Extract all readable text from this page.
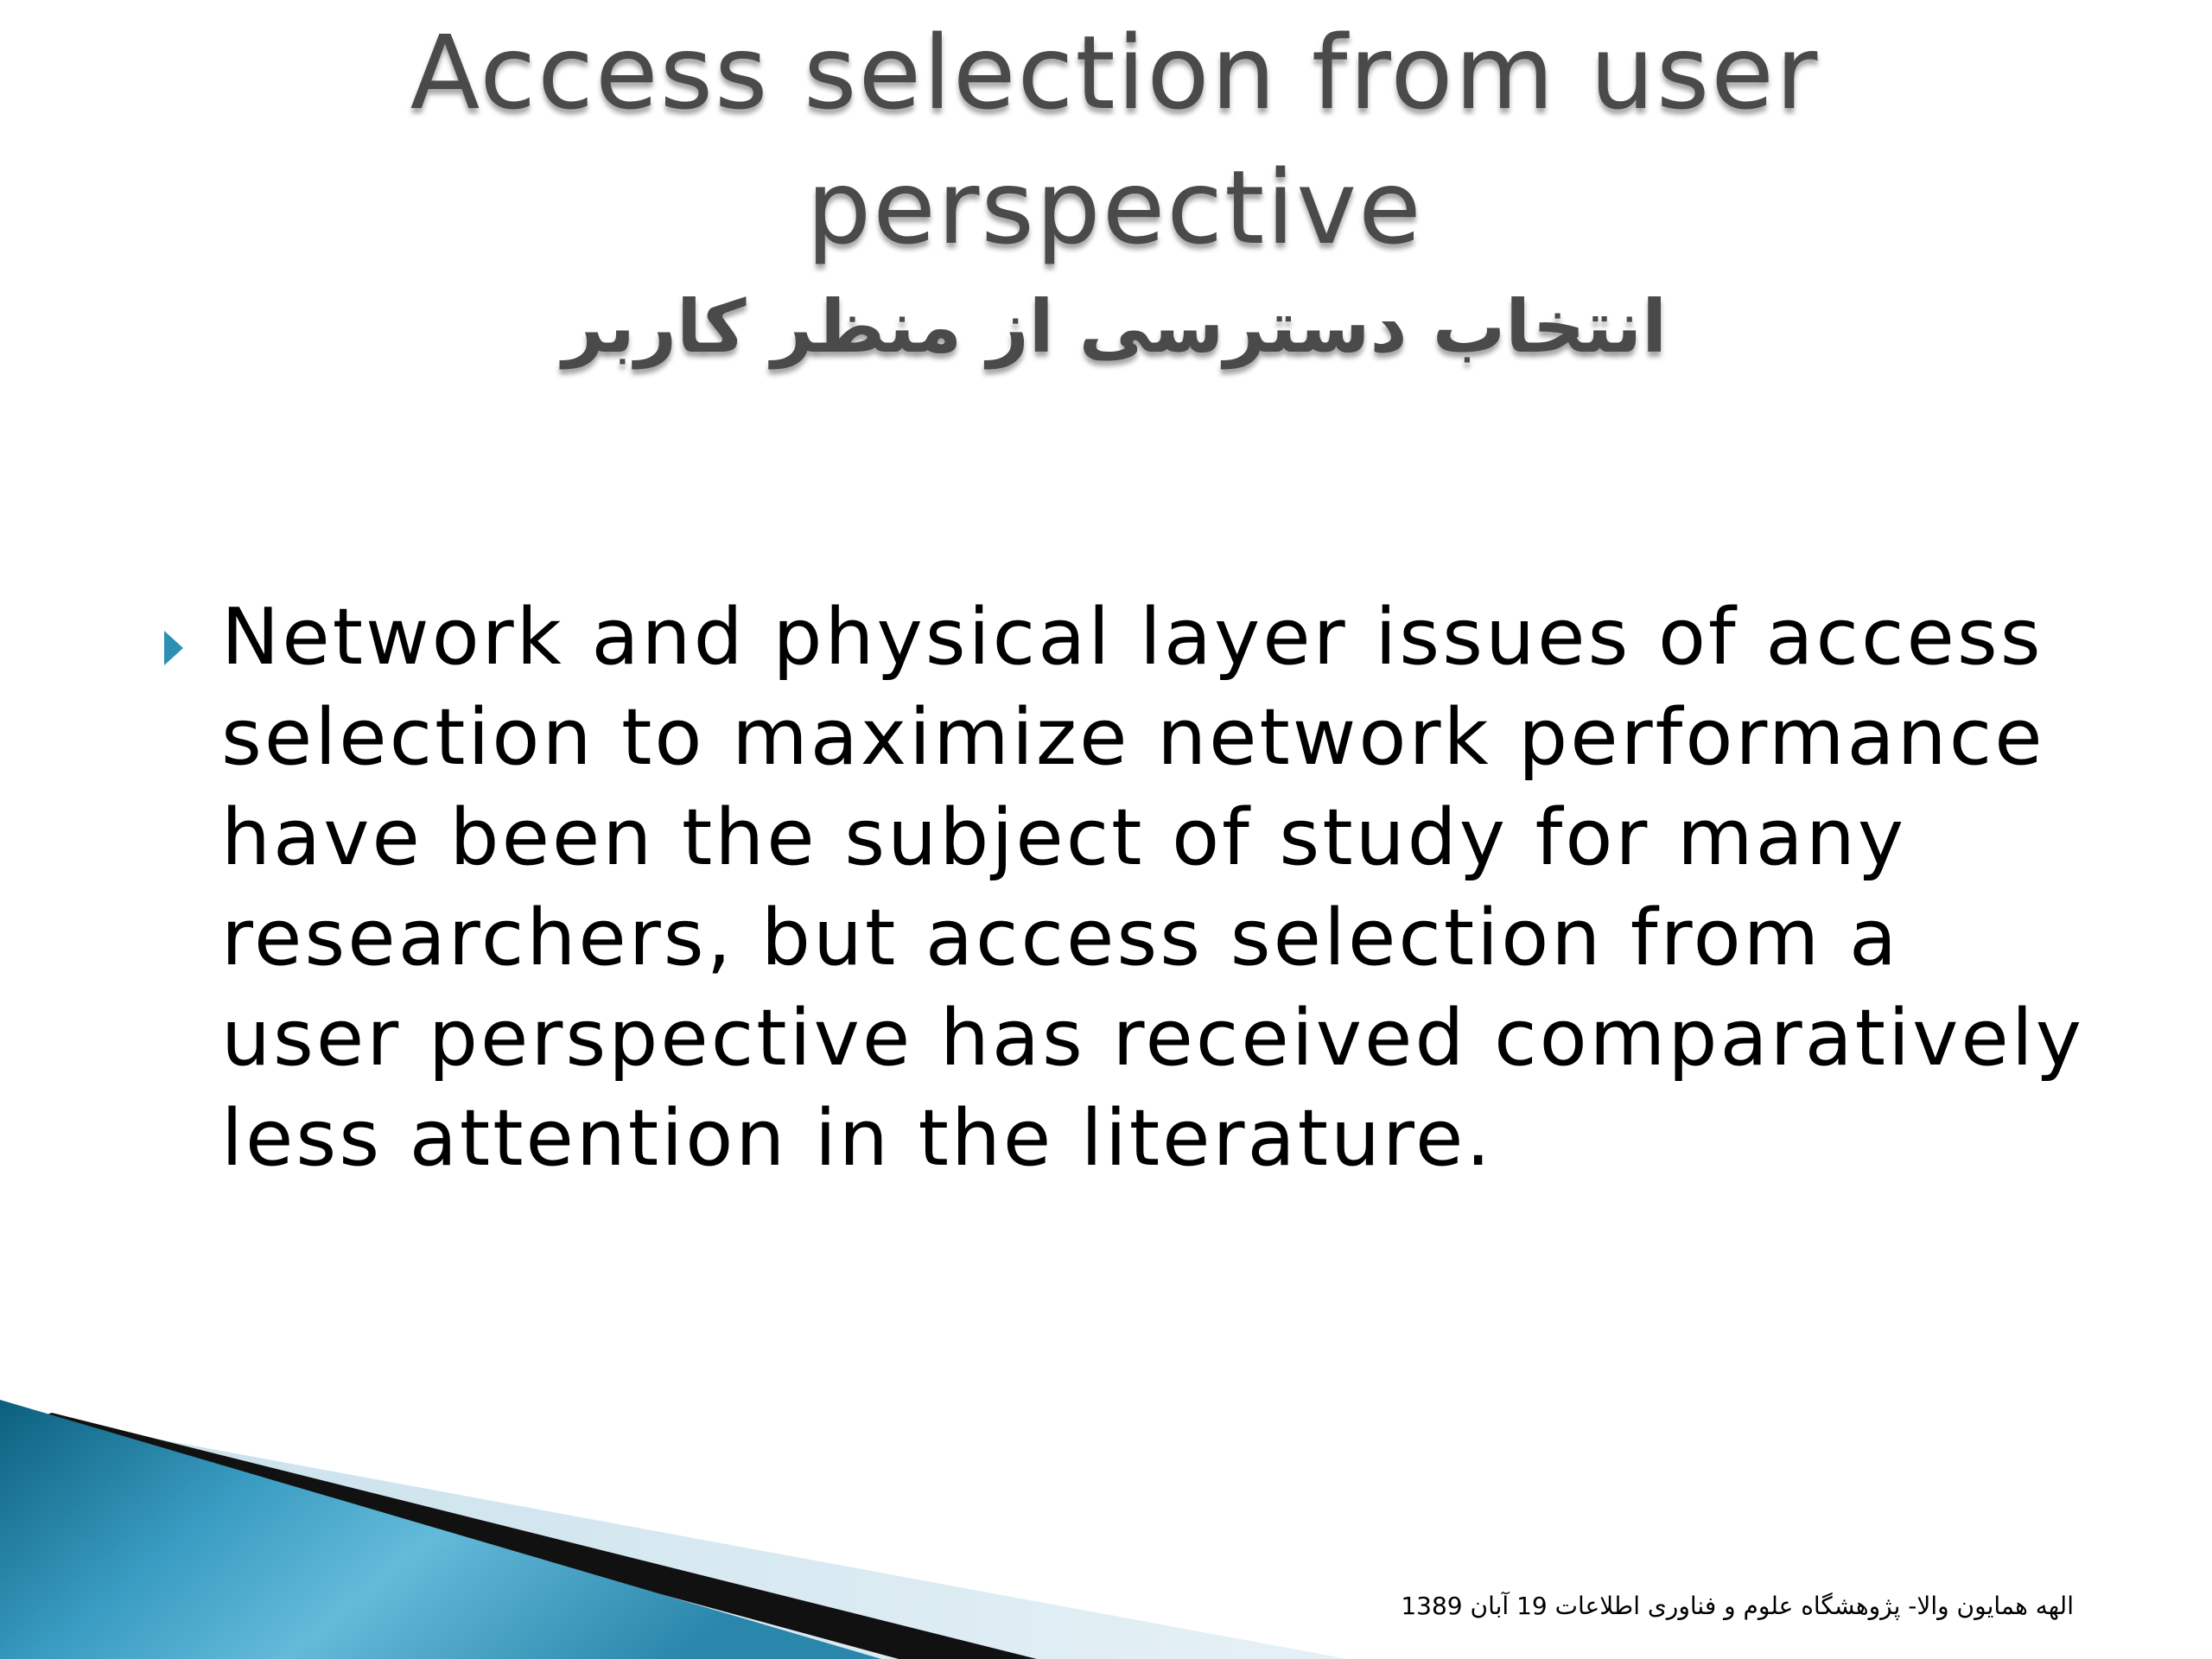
Access selection from user perspective
انتخاب دسترسی از منظر کاربر
Network and physical layer issues of access selection to maximize network performance have been the subject of study for many researchers, but access selection from a user perspective has received comparatively less attention in the literature.
الهه همایون والا- پژوهشگاه علوم و فناوری اطلاعات 19 آبان 1389
